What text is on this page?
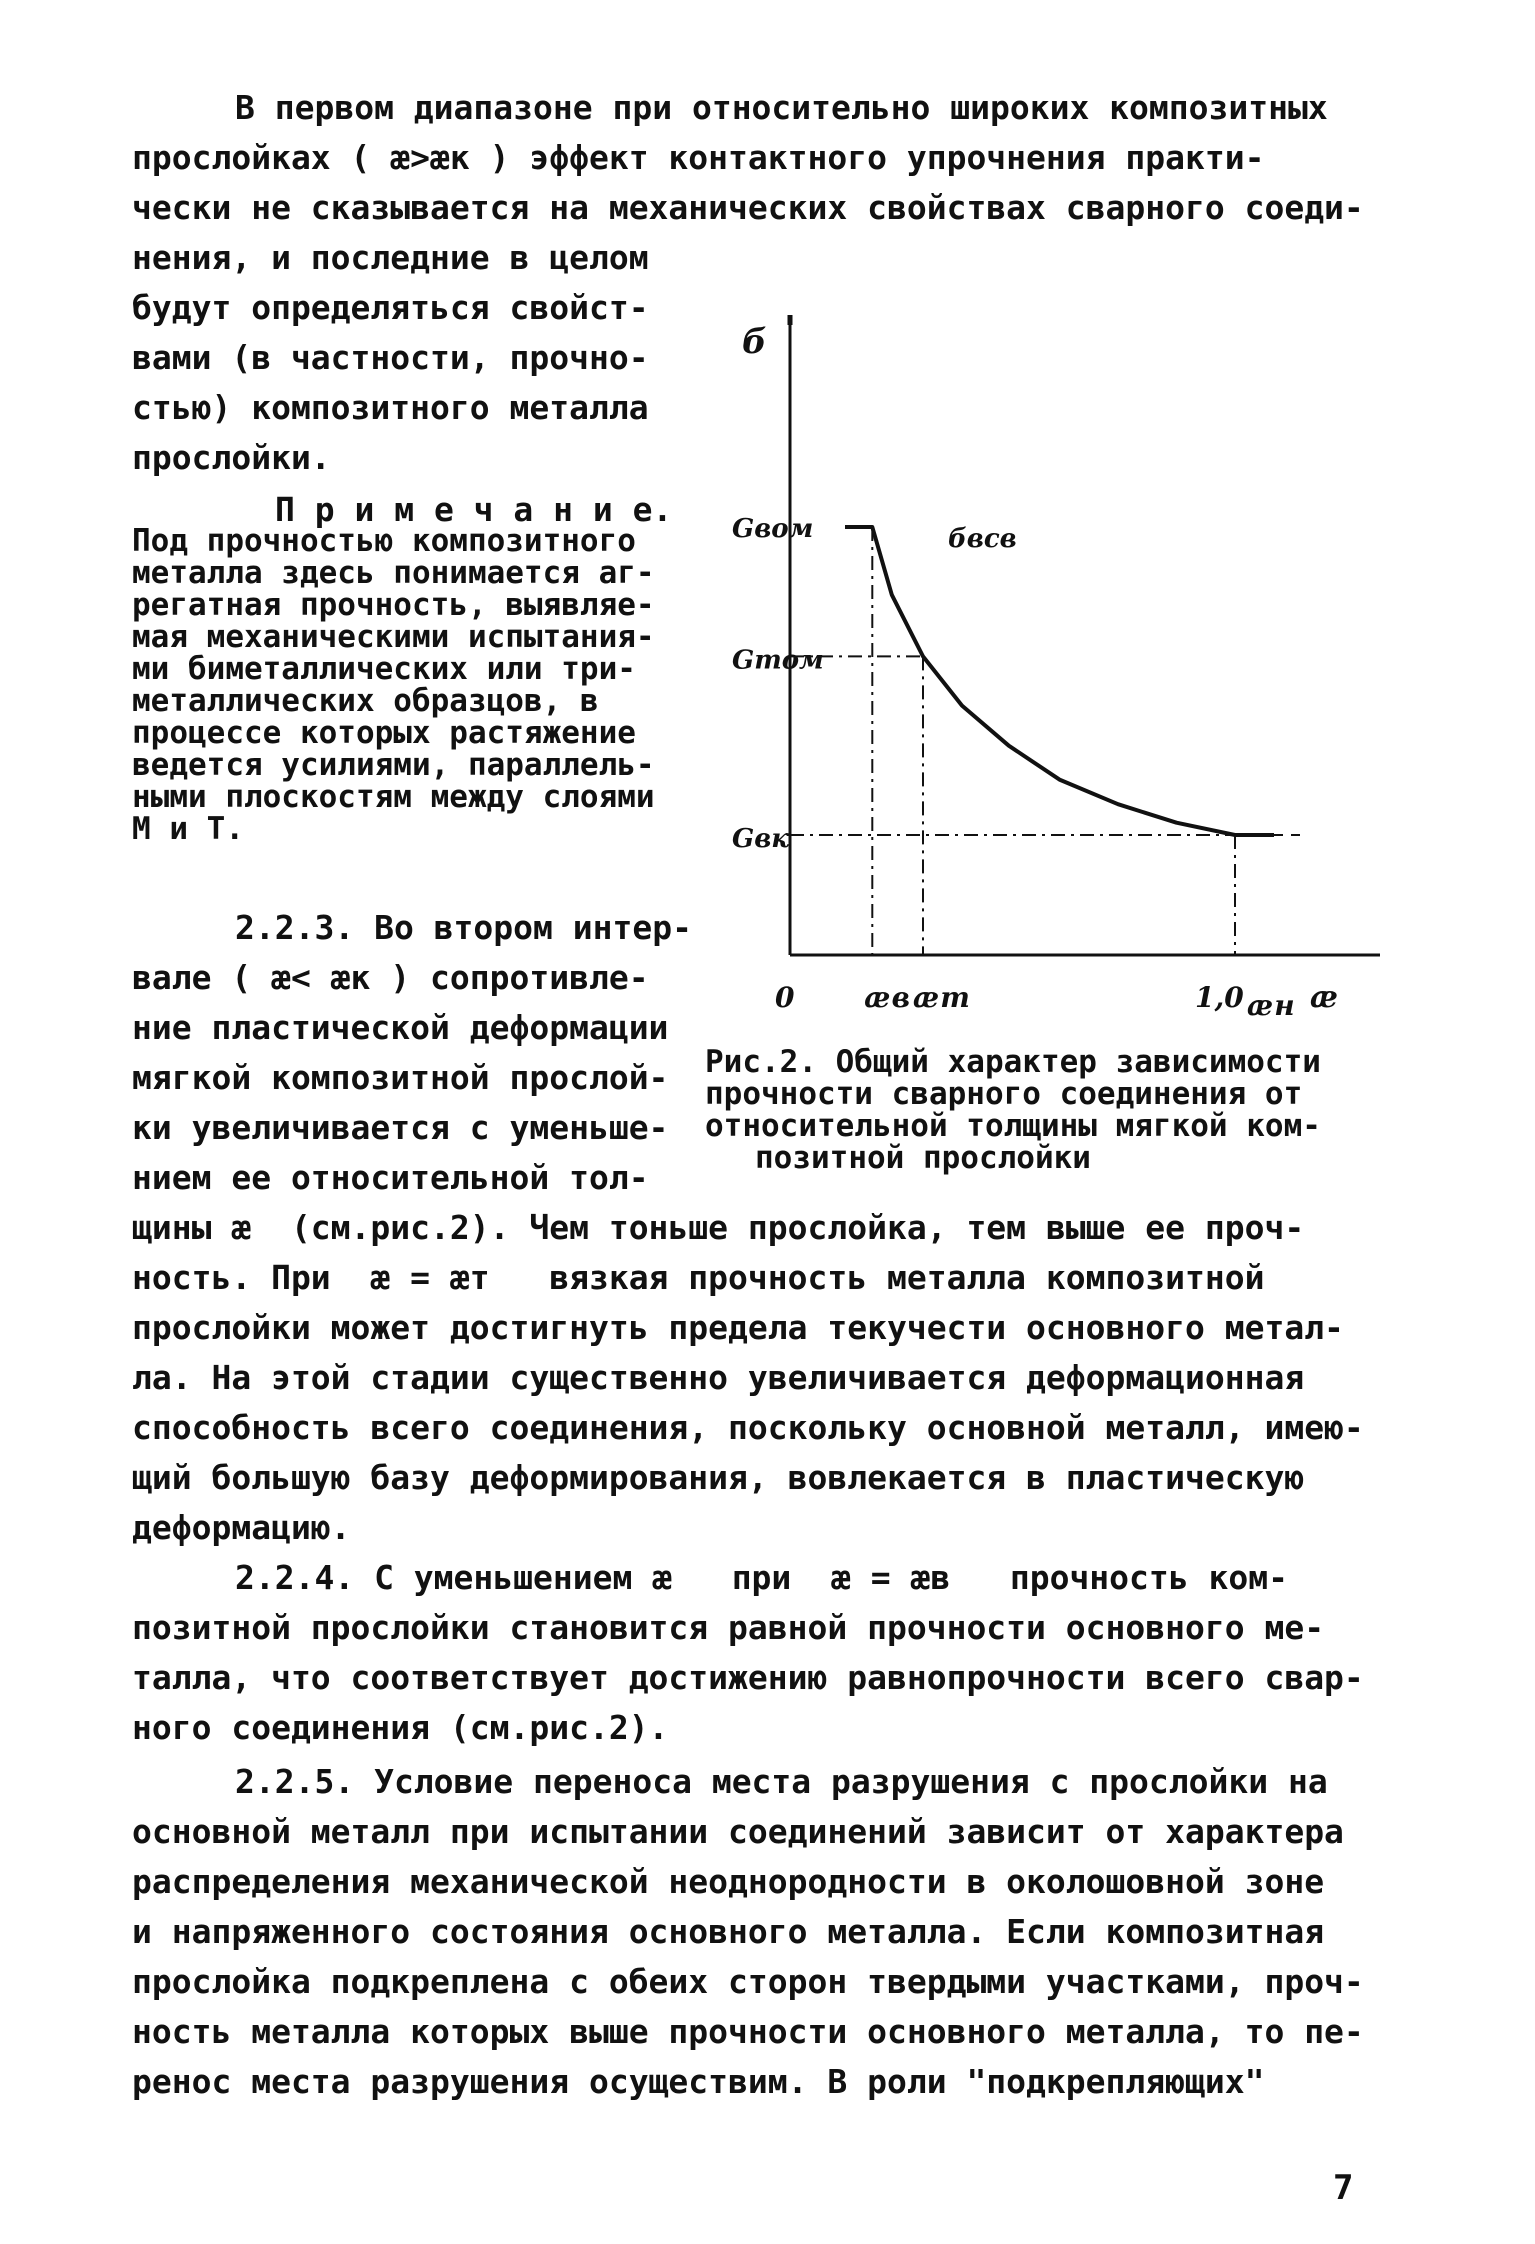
В первом диапазоне при относительно широких композитных
прослойках ( ӕ>ӕк ) эффект контактного упрочнения практи-
чески не сказывается на механических свойствах сварного соеди-
нения, и последние в целом
будут определяться свойст-
вами (в частности, прочно-
стью) композитного металла
прослойки.
П р и м е ч а н и е.
Под прочностью композитного
металла здесь понимается аг-
регатная прочность, выявляе-
мая механическими испытания-
ми биметаллических или три-
металлических образцов, в
процессе которых растяжение
ведется усилиями, параллель-
ными плоскостям между слоями
М и Т.
2.2.3. Во втором интер-
вале ( ӕ< ӕк ) сопротивле-
ние пластической деформации
мягкой композитной прослой-
ки увеличивается с уменьше-
нием ее относительной тол-
б
Gвом
Gтом
Gвк
бвсв
0 ӕв ӕт	1,0 ӕн ӕ
Рис.2. Общий характер зависимости
прочности сварного соединения от
относительной толщины мягкой ком-
позитной прослойки
щины ӕ  (см.рис.2). Чем тоньше прослойка, тем выше ее проч-
ность. При  ӕ = ӕт   вязкая прочность металла композитной
прослойки может достигнуть предела текучести основного метал-
ла. На этой стадии существенно увеличивается деформационная
способность всего соединения, поскольку основной металл, имею-
щий большую базу деформирования, вовлекается в пластическую
деформацию.
2.2.4. С уменьшением ӕ   при  ӕ = ӕв   прочность ком-
позитной прослойки становится равной прочности основного ме-
талла, что соответствует достижению равнопрочности всего свар-
ного соединения (см.рис.2).
2.2.5. Условие переноса места разрушения с прослойки на
основной металл при испытании соединений зависит от характера
распределения механической неоднородности в околошовной зоне
и напряженного состояния основного металла. Если композитная
прослойка подкреплена с обеих сторон твердыми участками, проч-
ность металла которых выше прочности основного металла, то пе-
ренос места разрушения осуществим. В роли "подкрепляющих"
7
